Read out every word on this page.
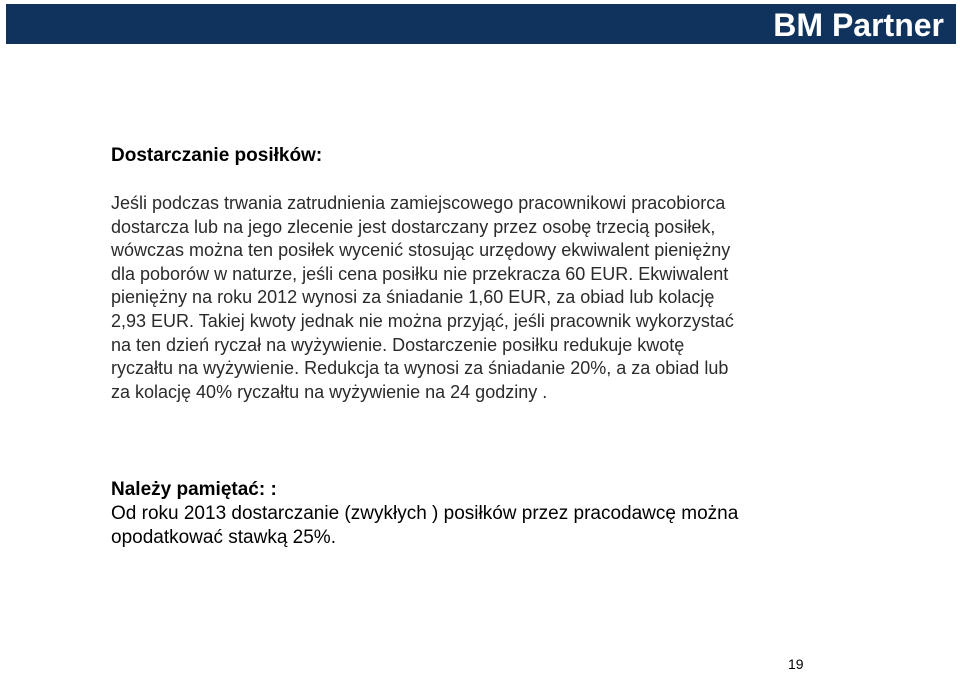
BM Partner
Dostarczanie posiłków:
Jeśli podczas trwania zatrudnienia zamiejscowego pracownikowi pracobiorca
dostarcza lub na jego zlecenie jest dostarczany przez osobę trzecią posiłek,
wówczas można ten posiłek wycenić stosując urzędowy ekwiwalent pieniężny
dla poborów w naturze, jeśli cena posiłku nie przekracza 60 EUR. Ekwiwalent
pieniężny na roku 2012 wynosi za śniadanie 1,60 EUR, za obiad lub kolację
2,93 EUR. Takiej kwoty jednak nie można przyjąć, jeśli pracownik wykorzystać
na ten dzień ryczał na wyżywienie. Dostarczenie posiłku redukuje kwotę
ryczałtu na wyżywienie. Redukcja ta wynosi za śniadanie 20%, a za obiad lub
za kolację 40% ryczałtu na wyżywienie na 24 godziny .
Należy pamiętać: :
Od roku 2013 dostarczanie (zwykłych ) posiłków przez pracodawcę można
opodatkować stawką 25%.
19
